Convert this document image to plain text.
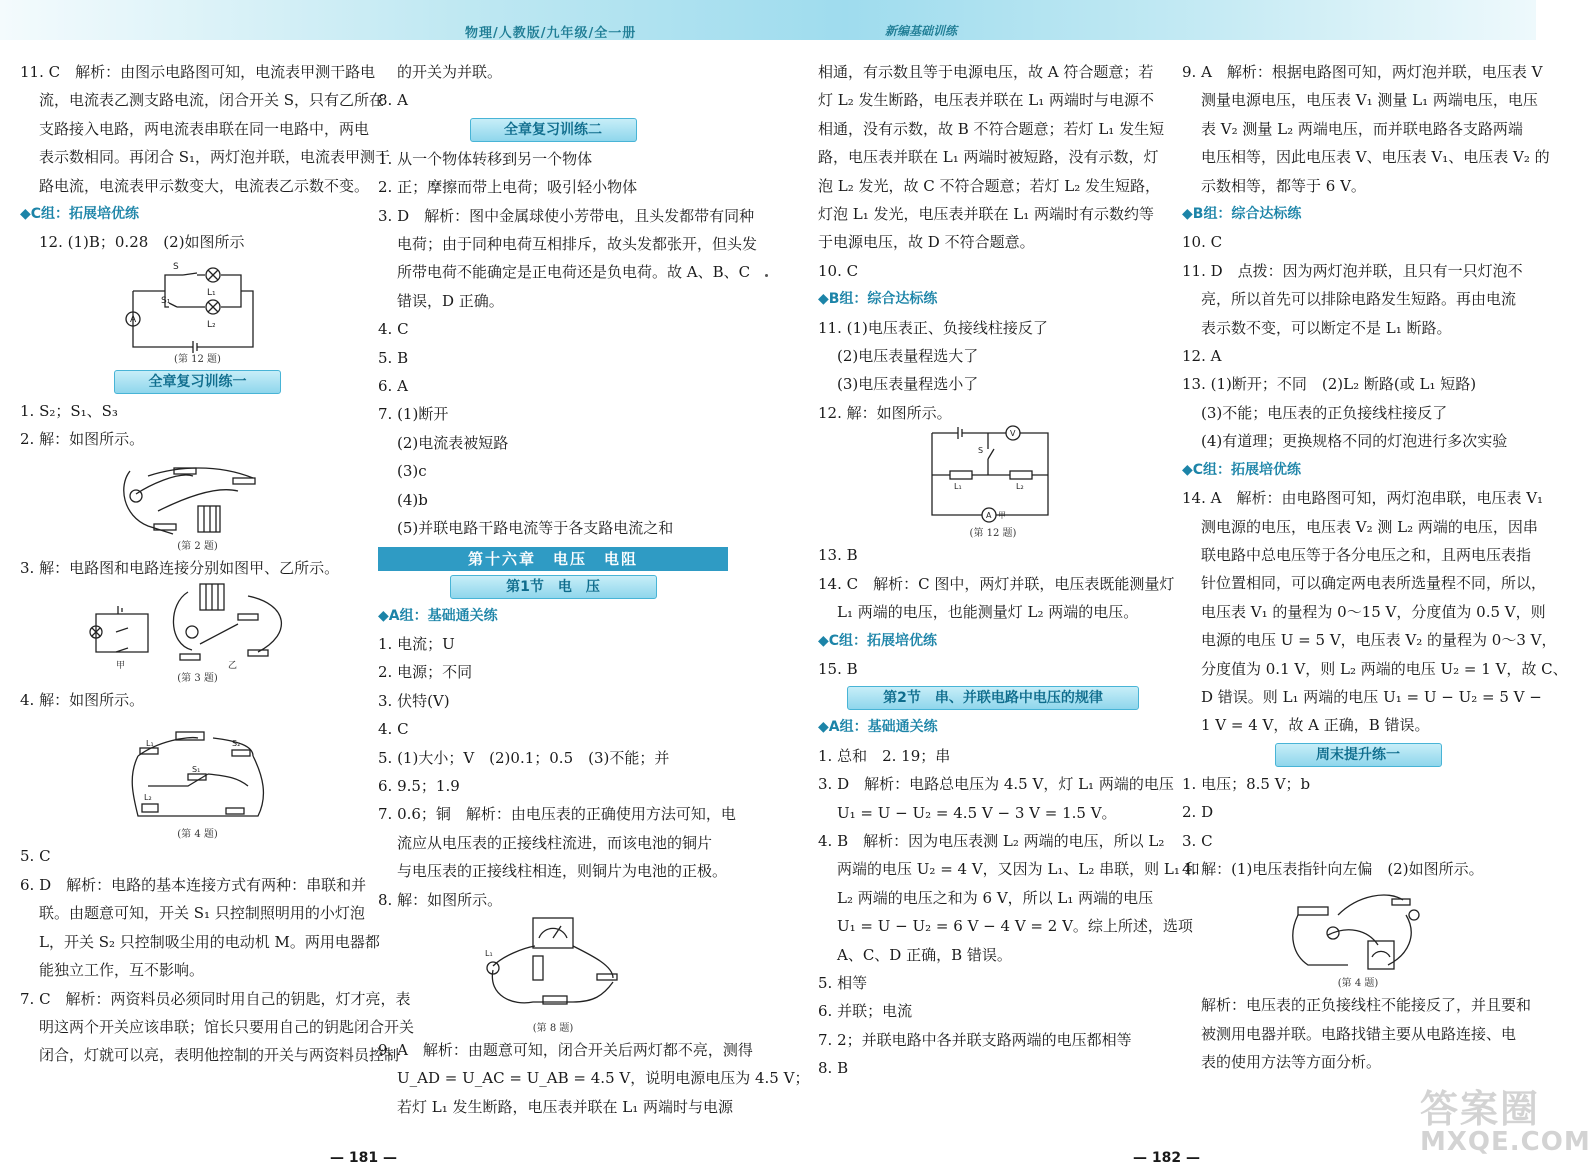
物理/人教版/九年级/全一册	新编基础训练

11. C　解析：由图示电路图可知，电流表甲测干路电

流，电流表乙测支路电流，闭合开关 S，只有乙所在

支路接入电路，两电流表串联在同一电路中，两电

表示数相同。再闭合 S₁，两灯泡并联，电流表甲测干

路电流，电流表甲示数变大，电流表乙示数不变。

◆C组：拓展培优练

12. (1)B；0.28　(2)如图所示

S
S₁
L₁
L₂
A
(第 12 题)
全章复习训练一

1. S₂；S₁、S₃

2. 解：如图所示。

(第 2 题)

3. 解：电路图和电路连接分别如图甲、乙所示。

甲	乙
(第 3 题)

4. 解：如图所示。

L₁
S₁
S₂
L₂
(第 4 题)

5. C

6. D　解析：电路的基本连接方式有两种：串联和并

联。由题意可知，开关 S₁ 只控制照明用的小灯泡

L，开关 S₂ 只控制吸尘用的电动机 M。两用电器都

能独立工作，互不影响。

7. C　解析：两资料员必须同时用自己的钥匙，灯才亮，表

明这两个开关应该串联；馆长只要用自己的钥匙闭合开关

闭合，灯就可以亮，表明他控制的开关与两资料员控制

的开关为并联。

8. A

全章复习训练二

1. 从一个物体转移到另一个物体

2. 正；摩擦而带上电荷；吸引轻小物体

3. D　解析：图中金属球使小芳带电，且头发都带有同种

电荷；由于同种电荷互相排斥，故头发都张开，但头发

所带电荷不能确定是正电荷还是负电荷。故 A、B、C

错误，D 正确。

4. C

5. B

6. A

7. (1)断开

(2)电流表被短路

(3)c

(4)b

(5)并联电路干路电流等于各支路电流之和

第十六章　电压　电阻
第1节　电　压

◆A组：基础通关练

1. 电流；U

2. 电源；不同

3. 伏特(V)

4. C

5. (1)大小；V　(2)0.1；0.5　(3)不能；并

6. 9.5；1.9

7. 0.6；铜　解析：由电压表的正确使用方法可知，电

流应从电压表的正接线柱流进，而该电池的铜片

与电压表的正接线柱相连，则铜片为电池的正极。

8. 解：如图所示。

L₁
(第 8 题)

9. A　解析：由题意可知，闭合开关后两灯都不亮，测得

U_AD = U_AC = U_AB = 4.5 V，说明电源电压为 4.5 V；

若灯 L₁ 发生断路，电压表并联在 L₁ 两端时与电源

相通，有示数且等于电源电压，故 A 符合题意；若

灯 L₂ 发生断路，电压表并联在 L₁ 两端时与电源不

相通，没有示数，故 B 不符合题意；若灯 L₁ 发生短

路，电压表并联在 L₁ 两端时被短路，没有示数，灯

泡 L₂ 发光，故 C 不符合题意；若灯 L₂ 发生短路，

灯泡 L₁ 发光，电压表并联在 L₁ 两端时有示数约等

于电源电压，故 D 不符合题意。

10. C

◆B组：综合达标练

11. (1)电压表正、负接线柱接反了

(2)电压表量程选大了

(3)电压表量程选小了

12. 解：如图所示。

V
A 甲
S
L₁	L₂
(第 12 题)

13. B

14. C　解析：C 图中，两灯并联，电压表既能测量灯

L₁ 两端的电压，也能测量灯 L₂ 两端的电压。

◆C组：拓展培优练

15. B

第2节　串、并联电路中电压的规律

◆A组：基础通关练

1. 总和　2. 19；串

3. D　解析：电路总电压为 4.5 V，灯 L₁ 两端的电压

U₁ = U − U₂ = 4.5 V − 3 V = 1.5 V。

4. B　解析：因为电压表测 L₂ 两端的电压，所以 L₂

两端的电压 U₂ = 4 V，又因为 L₁、L₂ 串联，则 L₁ 和

L₂ 两端的电压之和为 6 V，所以 L₁ 两端的电压

U₁ = U − U₂ = 6 V − 4 V = 2 V。综上所述，选项

A、C、D 正确，B 错误。

5. 相等

6. 并联；电流

7. 2；并联电路中各并联支路两端的电压都相等

8. B

9. A　解析：根据电路图可知，两灯泡并联，电压表 V

测量电源电压，电压表 V₁ 测量 L₁ 两端电压，电压

表 V₂ 测量 L₂ 两端电压，而并联电路各支路两端

电压相等，因此电压表 V、电压表 V₁、电压表 V₂ 的

示数相等，都等于 6 V。

◆B组：综合达标练

10. C

11. D　点拨：因为两灯泡并联，且只有一只灯泡不

亮，所以首先可以排除电路发生短路。再由电流

表示数不变，可以断定不是 L₁ 断路。

12. A

13. (1)断开；不同　(2)L₂ 断路(或 L₁ 短路)

(3)不能；电压表的正负接线柱接反了

(4)有道理；更换规格不同的灯泡进行多次实验

◆C组：拓展培优练

14. A　解析：由电路图可知，两灯泡串联，电压表 V₁

测电源的电压，电压表 V₂ 测 L₂ 两端的电压，因串

联电路中总电压等于各分电压之和，且两电压表指

针位置相同，可以确定两电表所选量程不同，所以，

电压表 V₁ 的量程为 0～15 V，分度值为 0.5 V，则

电源的电压 U = 5 V，电压表 V₂ 的量程为 0～3 V，

分度值为 0.1 V，则 L₂ 两端的电压 U₂ = 1 V，故 C、

D 错误。则 L₁ 两端的电压 U₁ = U − U₂ = 5 V −

1 V = 4 V，故 A 正确，B 错误。

周末提升练一

1. 电压；8.5 V；b

2. D

3. C

4. 解：(1)电压表指针向左偏　(2)如图所示。

(第 4 题)

解析：电压表的正负接线柱不能接反了，并且要和

被测用电器并联。电路找错主要从电路连接、电

表的使用方法等方面分析。

— 181 —	— 182 —
答案圈
MXQE.COM
